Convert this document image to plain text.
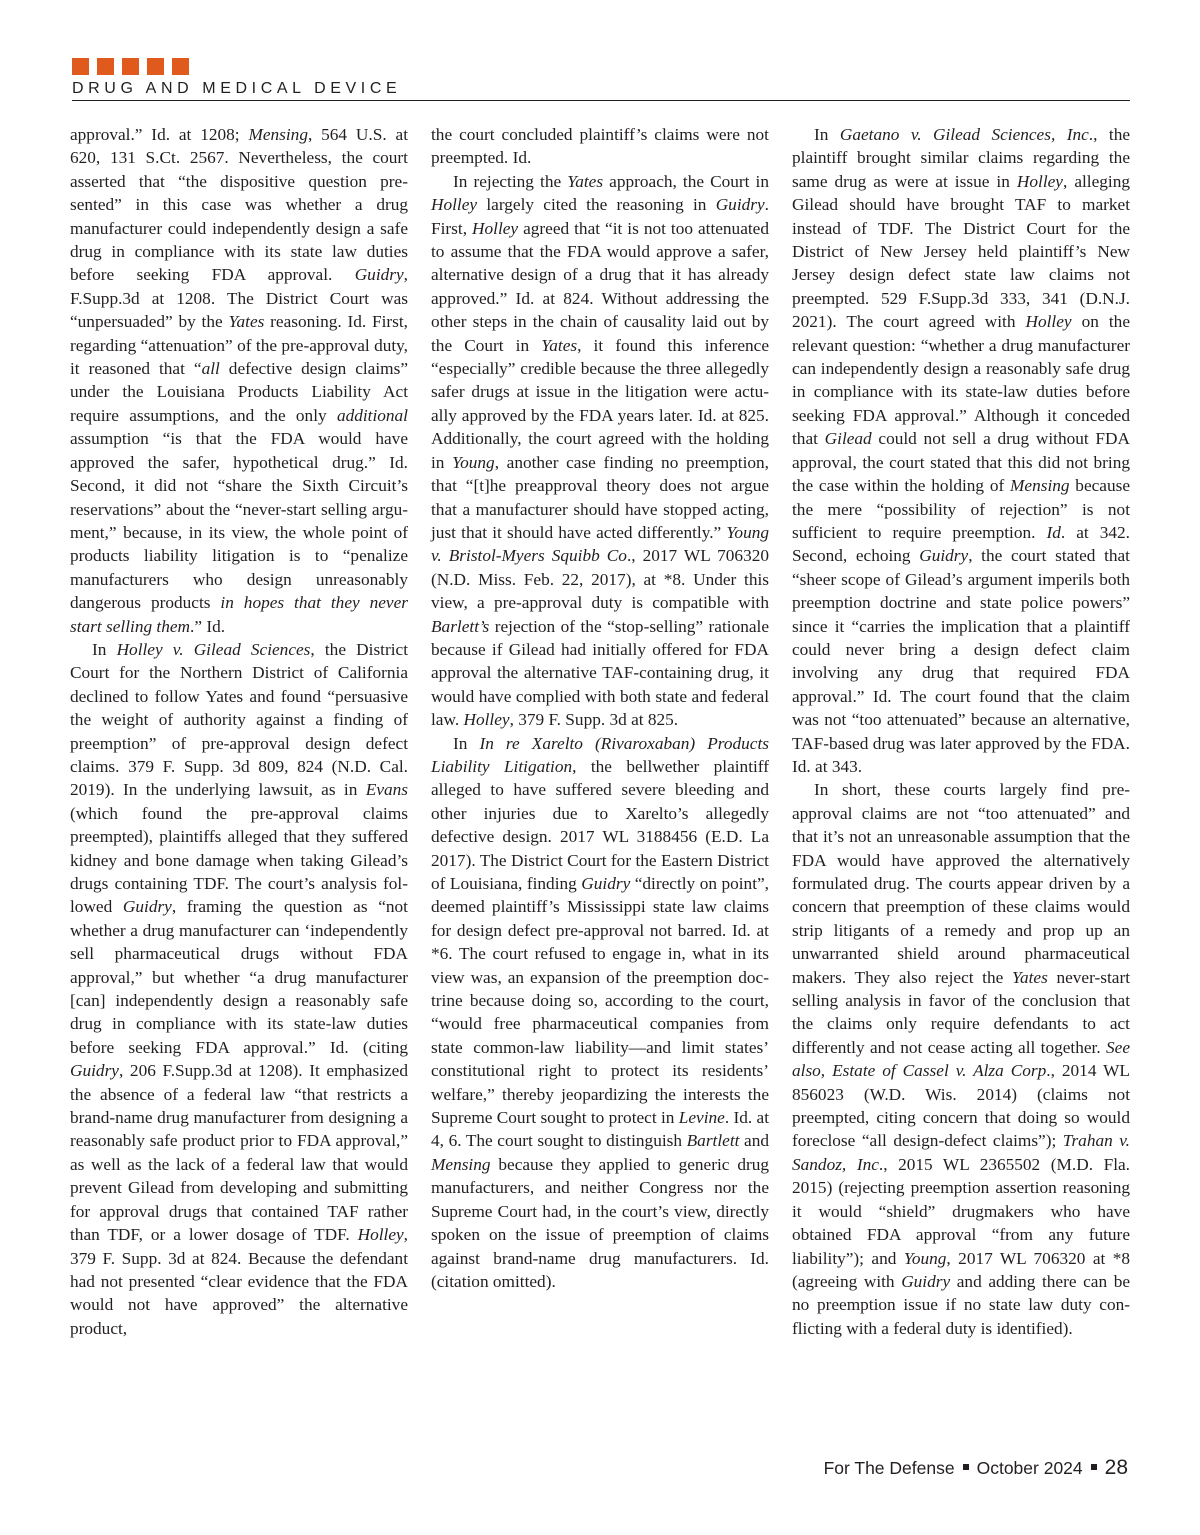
DRUG AND MEDICAL DEVICE

approval.” Id. at 1208; Mensing, 564 U.S. at 620, 131 S.Ct. 2567. Nevertheless, the court asserted that “the dispositive question presented” in this case was whether a drug manufacturer could independently design a safe drug in compliance with its state law duties before seeking FDA approval. Guidry, F.Supp.3d at 1208. The District Court was “unpersuaded” by the Yates reasoning. Id. First, regarding “attenuation” of the pre-approval duty, it reasoned that “all defective design claims” under the Louisiana Products Liability Act require assumptions, and the only additional assumption “is that the FDA would have approved the safer, hypothetical drug.” Id. Second, it did not “share the Sixth Circuit’s reservations” about the “never-start selling argument,” because, in its view, the whole point of products liability litigation is to “penalize manufacturers who design unreasonably dangerous products in hopes that they never start selling them.” Id.

In Holley v. Gilead Sciences, the District Court for the Northern District of California declined to follow Yates and found “persuasive the weight of authority against a finding of preemption” of pre-approval design defect claims. 379 F. Supp. 3d 809, 824 (N.D. Cal. 2019). In the underlying lawsuit, as in Evans (which found the pre-approval claims preempted), plaintiffs alleged that they suffered kidney and bone damage when taking Gilead’s drugs containing TDF. The court’s analysis followed Guidry, framing the question as “not whether a drug manufacturer can ‘independently sell pharmaceutical drugs without FDA approval,” but whether “a drug manufacturer [can] independently design a reasonably safe drug in compliance with its state-law duties before seeking FDA approval.” Id. (citing Guidry, 206 F.Supp.3d at 1208). It emphasized the absence of a federal law “that restricts a brand-name drug manufacturer from designing a reasonably safe product prior to FDA approval,” as well as the lack of a federal law that would prevent Gilead from developing and submitting for approval drugs that contained TAF rather than TDF, or a lower dosage of TDF. Holley, 379 F. Supp. 3d at 824. Because the defendant had not presented “clear evidence that the FDA would not have approved” the alternative product,

the court concluded plaintiff’s claims were not preempted. Id.

In rejecting the Yates approach, the Court in Holley largely cited the reasoning in Guidry. First, Holley agreed that “it is not too attenuated to assume that the FDA would approve a safer, alternative design of a drug that it has already approved.” Id. at 824. Without addressing the other steps in the chain of causality laid out by the Court in Yates, it found this inference “especially” credible because the three allegedly safer drugs at issue in the litigation were actually approved by the FDA years later. Id. at 825. Additionally, the court agreed with the holding in Young, another case finding no preemption, that “[t]he preapproval theory does not argue that a manufacturer should have stopped acting, just that it should have acted differently.” Young v. Bristol-Myers Squibb Co., 2017 WL 706320 (N.D. Miss. Feb. 22, 2017), at *8. Under this view, a pre-approval duty is compatible with Barlett’s rejection of the “stop-selling” rationale because if Gilead had initially offered for FDA approval the alternative TAF-containing drug, it would have complied with both state and federal law. Holley, 379 F. Supp. 3d at 825.

In In re Xarelto (Rivaroxaban) Products Liability Litigation, the bellwether plaintiff alleged to have suffered severe bleeding and other injuries due to Xarelto’s allegedly defective design. 2017 WL 3188456 (E.D. La 2017). The District Court for the Eastern District of Louisiana, finding Guidry “directly on point”, deemed plaintiff’s Mississippi state law claims for design defect pre-approval not barred. Id. at *6. The court refused to engage in, what in its view was, an expansion of the preemption doctrine because doing so, according to the court, “would free pharmaceutical companies from state common-law liability—and limit states’ constitutional right to protect its residents’ welfare,” thereby jeopardizing the interests the Supreme Court sought to protect in Levine. Id. at 4, 6. The court sought to distinguish Bartlett and Mensing because they applied to generic drug manufacturers, and neither Congress nor the Supreme Court had, in the court’s view, directly spoken on the issue of preemption of claims against brand-name drug manufacturers. Id. (citation omitted).

In Gaetano v. Gilead Sciences, Inc., the plaintiff brought similar claims regarding the same drug as were at issue in Holley, alleging Gilead should have brought TAF to market instead of TDF. The District Court for the District of New Jersey held plaintiff’s New Jersey design defect state law claims not preempted. 529 F.Supp.3d 333, 341 (D.N.J. 2021). The court agreed with Holley on the relevant question: “whether a drug manufacturer can independently design a reasonably safe drug in compliance with its state-law duties before seeking FDA approval.” Although it conceded that Gilead could not sell a drug without FDA approval, the court stated that this did not bring the case within the holding of Mensing because the mere “possibility of rejection” is not sufficient to require preemption. Id. at 342. Second, echoing Guidry, the court stated that “sheer scope of Gilead’s argument imperils both preemption doctrine and state police powers” since it “carries the implication that a plaintiff could never bring a design defect claim involving any drug that required FDA approval.” Id. The court found that the claim was not “too attenuated” because an alternative, TAF-based drug was later approved by the FDA. Id. at 343.

In short, these courts largely find pre-approval claims are not “too attenuated” and that it’s not an unreasonable assumption that the FDA would have approved the alternatively formulated drug. The courts appear driven by a concern that preemption of these claims would strip litigants of a remedy and prop up an unwarranted shield around pharmaceutical makers. They also reject the Yates never-start selling analysis in favor of the conclusion that the claims only require defendants to act differently and not cease acting all together. See also, Estate of Cassel v. Alza Corp., 2014 WL 856023 (W.D. Wis. 2014) (claims not preempted, citing concern that doing so would foreclose “all design-defect claims”); Trahan v. Sandoz, Inc., 2015 WL 2365502 (M.D. Fla. 2015) (rejecting preemption assertion reasoning it would “shield” drugmakers who have obtained FDA approval “from any future liability”); and Young, 2017 WL 706320 at *8 (agreeing with Guidry and adding there can be no preemption issue if no state law duty conflicting with a federal duty is identified).

For The Defense October 2024 28
